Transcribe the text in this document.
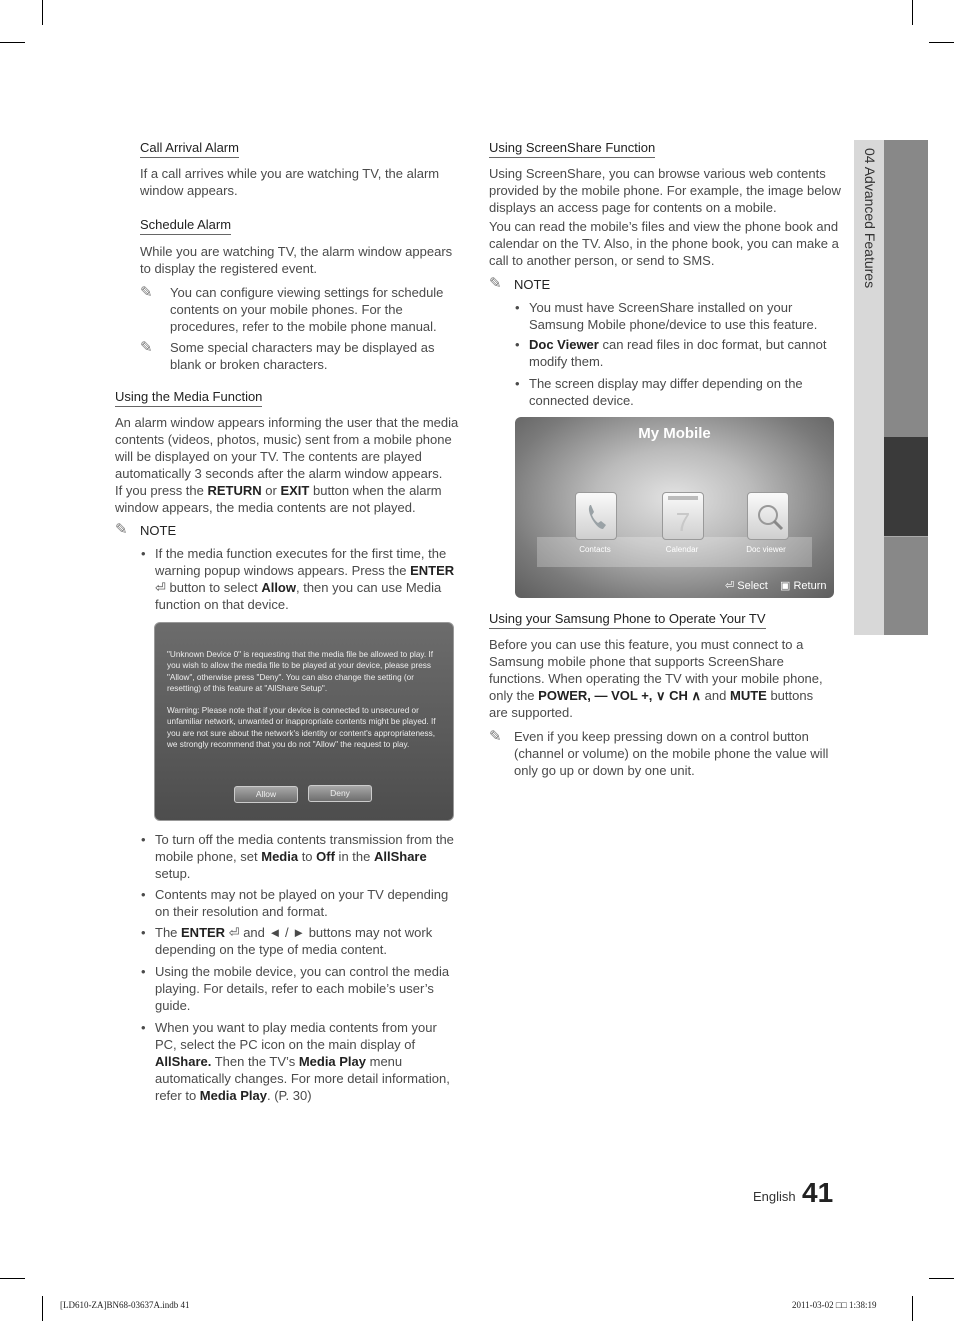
04 Advanced Features
Call Arrival Alarm
If a call arrives while you are watching TV, the alarm window appears.
Schedule Alarm
While you are watching TV, the alarm window appears to display the registered event.
✎ You can configure viewing settings for schedule contents on your mobile phones. For the procedures, refer to the mobile phone manual.
✎ Some special characters may be displayed as blank or broken characters.
Using the Media Function

An alarm window appears informing the user that the media contents (videos, photos, music) sent from a mobile phone will be displayed on your TV. The contents are played automatically 3 seconds after the alarm window appears.

If you press the RETURN or EXIT button when the alarm window appears, the media contents are not played.

✎ NOTE
• If the media function executes for the first time, the warning popup windows appears. Press the ENTER ⏎ button to select Allow, then you can use Media function on that device.

"Unknown Device 0" is requesting that the media file be allowed to play. If you wish to allow the media file to be played at your device, please press "Allow", otherwise press "Deny". You can also change the setting (or resetting) of this feature at "AllShare Setup".

Warning: Please note that if your device is connected to unsecured or unfamiliar network, unwanted or inappropriate contents might be played. If you are not sure about the network's identity or content's appropriateness, we strongly recommend that you do not "Allow" the request to play.

Allow	Deny
• To turn off the media contents transmission from the mobile phone, set Media to Off in the AllShare setup.
• Contents may not be played on your TV depending on their resolution and format.
• The ENTER ⏎ and ◄ / ► buttons may not work depending on the type of media content.
• Using the mobile device, you can control the media playing. For details, refer to each mobile’s user’s guide.
• When you want to play media contents from your PC, select the PC icon on the main display of AllShare. Then the TV’s Media Play menu automatically changes. For more detail information, refer to Media Play. (P. 30)
Using ScreenShare Function

Using ScreenShare, you can browse various web contents provided by the mobile phone. For example, the image below displays an access page for contents on a mobile.

You can read the mobile’s files and view the phone book and calendar on the TV. Also, in the phone book, you can make a call to another person, or send to SMS.

✎ NOTE
• You must have ScreenShare installed on your Samsung Mobile phone/device to use this feature.
• Doc Viewer can read files in doc format, but cannot modify them.
• The screen display may differ depending on the connected device.
My Mobile
7
Contacts	Calendar	Doc viewer
⏎ Select ▣ Return
Using your Samsung Phone to Operate Your TV
Before you can use this feature, you must connect to a Samsung mobile phone that supports ScreenShare functions. When operating the TV with your mobile phone, only the POWER, — VOL +, ∨ CH ∧ and MUTE buttons are supported.
✎ Even if you keep pressing down on a control button (channel or volume) on the mobile phone the value will only go up or down by one unit.
English 41
[LD610-ZA]BN68-03637A.indb 41	2011-03-02 □□ 1:38:19
